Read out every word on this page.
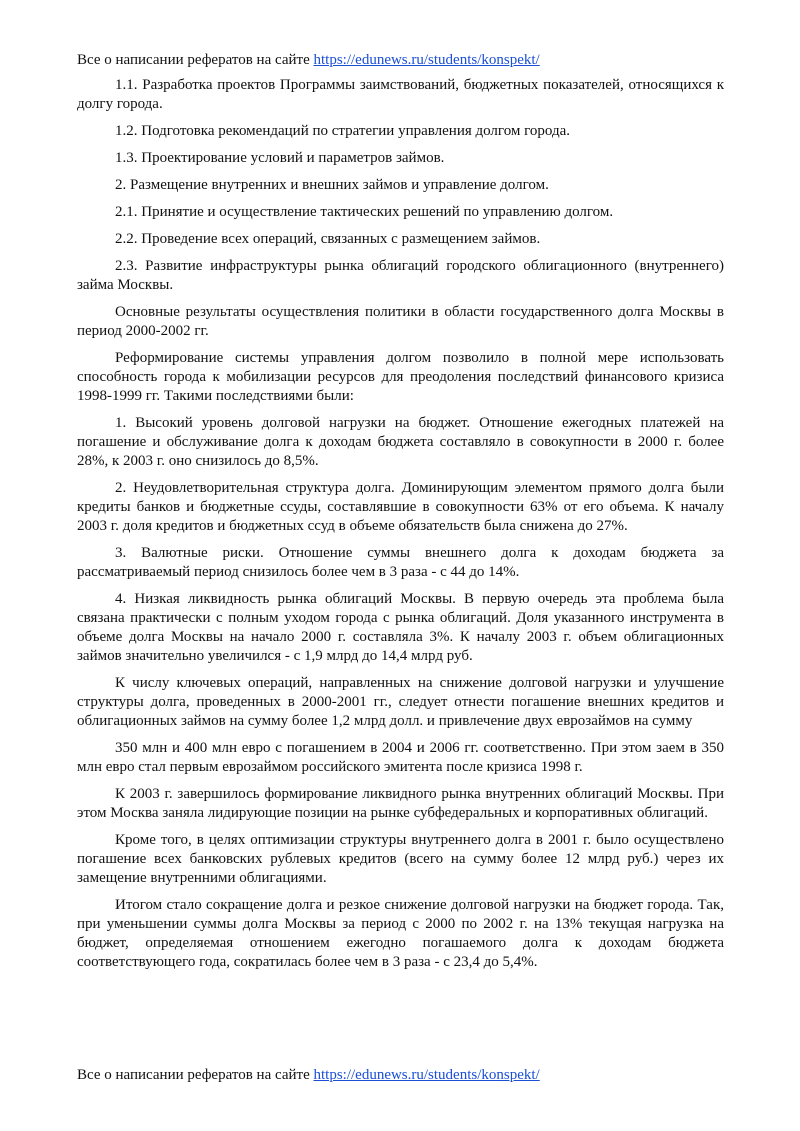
Все о написании рефератов на сайте https://edunews.ru/students/konspekt/

1.1. Разработка проектов Программы заимствований, бюджетных показателей, относящихся к долгу города.

1.2. Подготовка рекомендаций по стратегии управления долгом города.

1.3. Проектирование условий и параметров займов.

2. Размещение внутренних и внешних займов и управление долгом.

2.1. Принятие и осуществление тактических решений по управлению долгом.

2.2. Проведение всех операций, связанных с размещением займов.

2.3. Развитие инфраструктуры рынка облигаций городского облигационного (внутреннего) займа Москвы.

Основные результаты осуществления политики в области государственного долга Москвы в период 2000-2002 гг.

Реформирование системы управления долгом позволило в полной мере использовать способность города к мобилизации ресурсов для преодоления последствий финансового кризиса 1998-1999 гг. Такими последствиями были:

1. Высокий уровень долговой нагрузки на бюджет. Отношение ежегодных платежей на погашение и обслуживание долга к доходам бюджета составляло в совокупности в 2000 г. более 28%, к 2003 г. оно снизилось до 8,5%.

2. Неудовлетворительная структура долга. Доминирующим элементом прямого долга были кредиты банков и бюджетные ссуды, составлявшие в совокупности 63% от его объема. К началу 2003 г. доля кредитов и бюджетных ссуд в объеме обязательств была снижена до 27%.

3. Валютные риски. Отношение суммы внешнего долга к доходам бюджета за рассматриваемый период снизилось более чем в 3 раза - с 44 до 14%.

4. Низкая ликвидность рынка облигаций Москвы. В первую очередь эта проблема была связана практически с полным уходом города с рынка облигаций. Доля указанного инструмента в объеме долга Москвы на начало 2000 г. составляла 3%. К началу 2003 г. объем облигационных займов значительно увеличился - с 1,9 млрд до 14,4 млрд руб.

К числу ключевых операций, направленных на снижение долговой нагрузки и улучшение структуры долга, проведенных в 2000-2001 гг., следует отнести погашение внешних кредитов и облигационных займов на сумму более 1,2 млрд долл. и привлечение двух еврозаймов на сумму

350 млн и 400 млн евро с погашением в 2004 и 2006 гг. соответственно. При этом заем в 350 млн евро стал первым еврозаймом российского эмитента после кризиса 1998 г.

К 2003 г. завершилось формирование ликвидного рынка внутренних облигаций Москвы. При этом Москва заняла лидирующие позиции на рынке субфедеральных и корпоративных облигаций.

Кроме того, в целях оптимизации структуры внутреннего долга в 2001 г. было осуществлено погашение всех банковских рублевых кредитов (всего на сумму более 12 млрд руб.) через их замещение внутренними облигациями.

Итогом стало сокращение долга и резкое снижение долговой нагрузки на бюджет города. Так, при уменьшении суммы долга Москвы за период с 2000 по 2002 г. на 13% текущая нагрузка на бюджет, определяемая отношением ежегодно погашаемого долга к доходам бюджета соответствующего года, сократилась более чем в 3 раза - с 23,4 до 5,4%.

Все о написании рефератов на сайте https://edunews.ru/students/konspekt/
